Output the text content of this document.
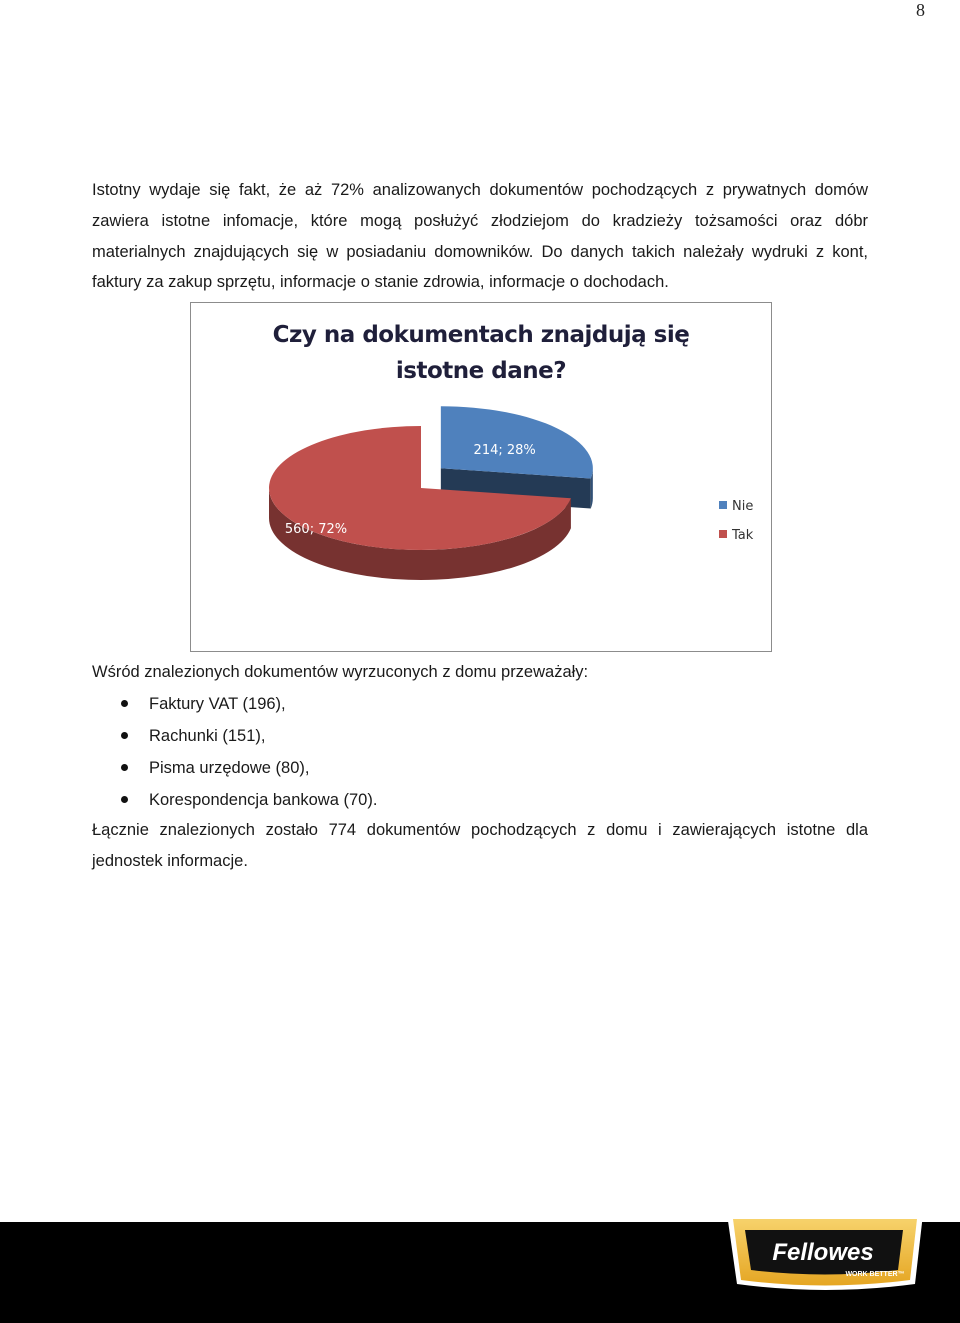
8

Istotny wydaje się fakt, że aż 72% analizowanych dokumentów pochodzących z prywatnych domów zawiera istotne infomacje, które mogą posłużyć złodziejom do kradzieży tożsamości oraz dóbr materialnych znajdujących się w posiadaniu domowników. Do danych takich należały wydruki z kont, faktury za zakup sprzętu, informacje o stanie zdrowia, informacje o dochodach.

Czy na dokumentach znajdują się
istotne dane?
214; 28%
560; 72%
Nie
Tak

Wśród znalezionych dokumentów wyrzuconych z domu przeważały:

Faktury VAT (196),
Rachunki (151),
Pisma urzędowe (80),
Korespondencja bankowa (70).

Łącznie znalezionych zostało 774 dokumentów pochodzących z domu i zawierających istotne dla jednostek informacje.

Fellowes
WORK BETTER™
